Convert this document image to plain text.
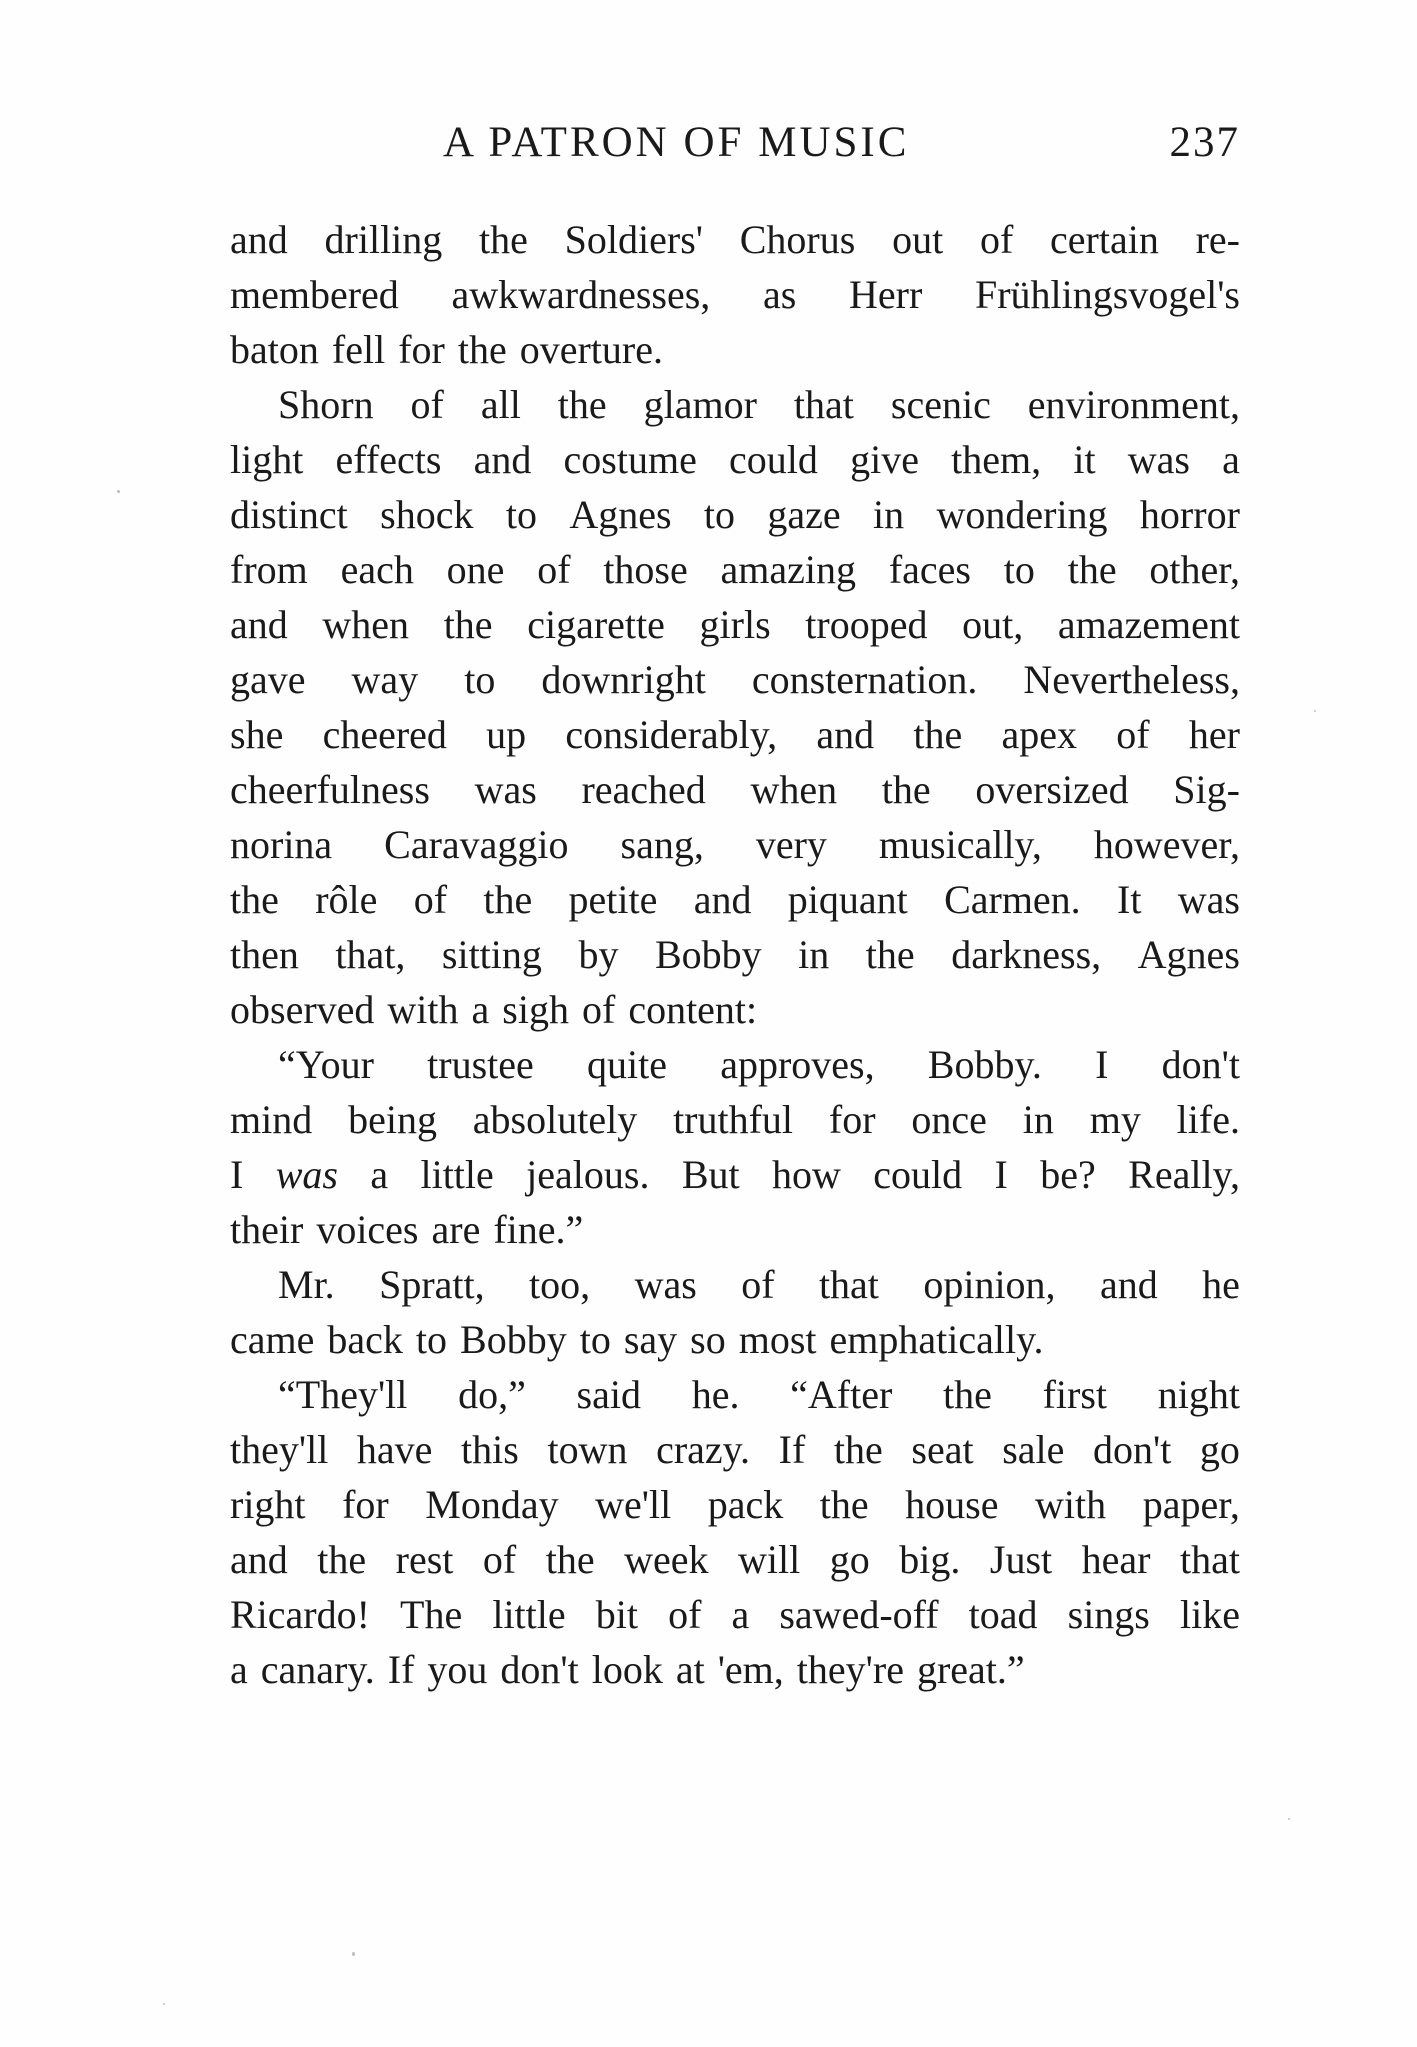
A PATRON OF MUSIC	237
and drilling the Soldiers' Chorus out of certain re-
membered awkwardnesses, as Herr Frühlingsvogel's
baton fell for the overture.
Shorn of all the glamor that scenic environment,
light effects and costume could give them, it was a
distinct shock to Agnes to gaze in wondering horror
from each one of those amazing faces to the other,
and when the cigarette girls trooped out, amazement
gave way to downright consternation. Nevertheless,
she cheered up considerably, and the apex of her
cheerfulness was reached when the oversized Sig-
norina Caravaggio sang, very musically, however,
the rôle of the petite and piquant Carmen. It was
then that, sitting by Bobby in the darkness, Agnes
observed with a sigh of content:
“Your trustee quite approves, Bobby. I don't
mind being absolutely truthful for once in my life.
I was a little jealous. But how could I be? Really,
their voices are fine.”
Mr. Spratt, too, was of that opinion, and he
came back to Bobby to say so most emphatically.
“They'll do,” said he. “After the first night
they'll have this town crazy. If the seat sale don't go
right for Monday we'll pack the house with paper,
and the rest of the week will go big. Just hear that
Ricardo! The little bit of a sawed-off toad sings like
a canary. If you don't look at 'em, they're great.”
